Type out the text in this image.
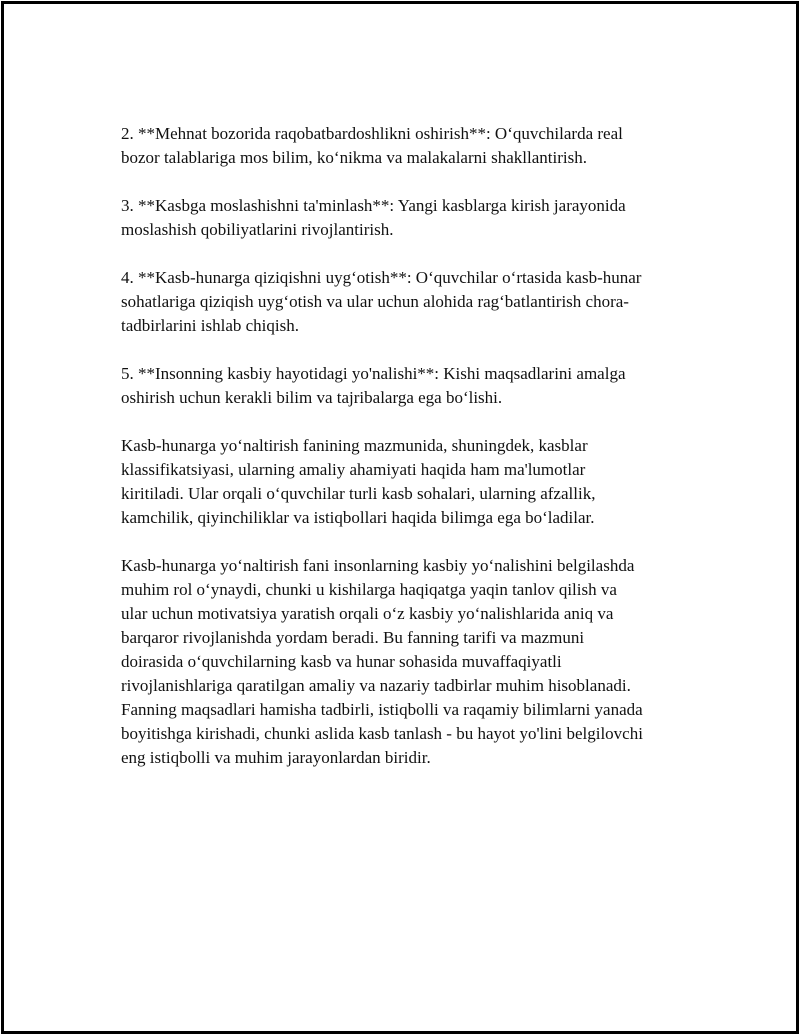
2. **Mehnat bozorida raqobatbardoshlikni oshirish**: O‘quvchilarda real
bozor talablariga mos bilim, ko‘nikma va malakalarni shakllantirish.

3. **Kasbga moslashishni ta'minlash**: Yangi kasblarga kirish jarayonida
moslashish qobiliyatlarini rivojlantirish.

4. **Kasb-hunarga qiziqishni uyg‘otish**: O‘quvchilar o‘rtasida kasb-hunar
sohatlariga qiziqish uyg‘otish va ular uchun alohida rag‘batlantirish chora-
tadbirlarini ishlab chiqish.

5. **Insonning kasbiy hayotidagi yo'nalishi**: Kishi maqsadlarini amalga
oshirish uchun kerakli bilim va tajribalarga ega bo‘lishi.

Kasb-hunarga yo‘naltirish fanining mazmunida, shuningdek, kasblar
klassifikatsiyasi, ularning amaliy ahamiyati haqida ham ma'lumotlar
kiritiladi. Ular orqali o‘quvchilar turli kasb sohalari, ularning afzallik,
kamchilik, qiyinchiliklar va istiqbollari haqida bilimga ega bo‘ladilar.

Kasb-hunarga yo‘naltirish fani insonlarning kasbiy yo‘nalishini belgilashda
muhim rol o‘ynaydi, chunki u kishilarga haqiqatga yaqin tanlov qilish va
ular uchun motivatsiya yaratish orqali o‘z kasbiy yo‘nalishlarida aniq va
barqaror rivojlanishda yordam beradi. Bu fanning tarifi va mazmuni
doirasida o‘quvchilarning kasb va hunar sohasida muvaffaqiyatli
rivojlanishlariga qaratilgan amaliy va nazariy tadbirlar muhim hisoblanadi.
Fanning maqsadlari hamisha tadbirli, istiqbolli va raqamiy bilimlarni yanada
boyitishga kirishadi, chunki aslida kasb tanlash - bu hayot yo'lini belgilovchi
eng istiqbolli va muhim jarayonlardan biridir.
